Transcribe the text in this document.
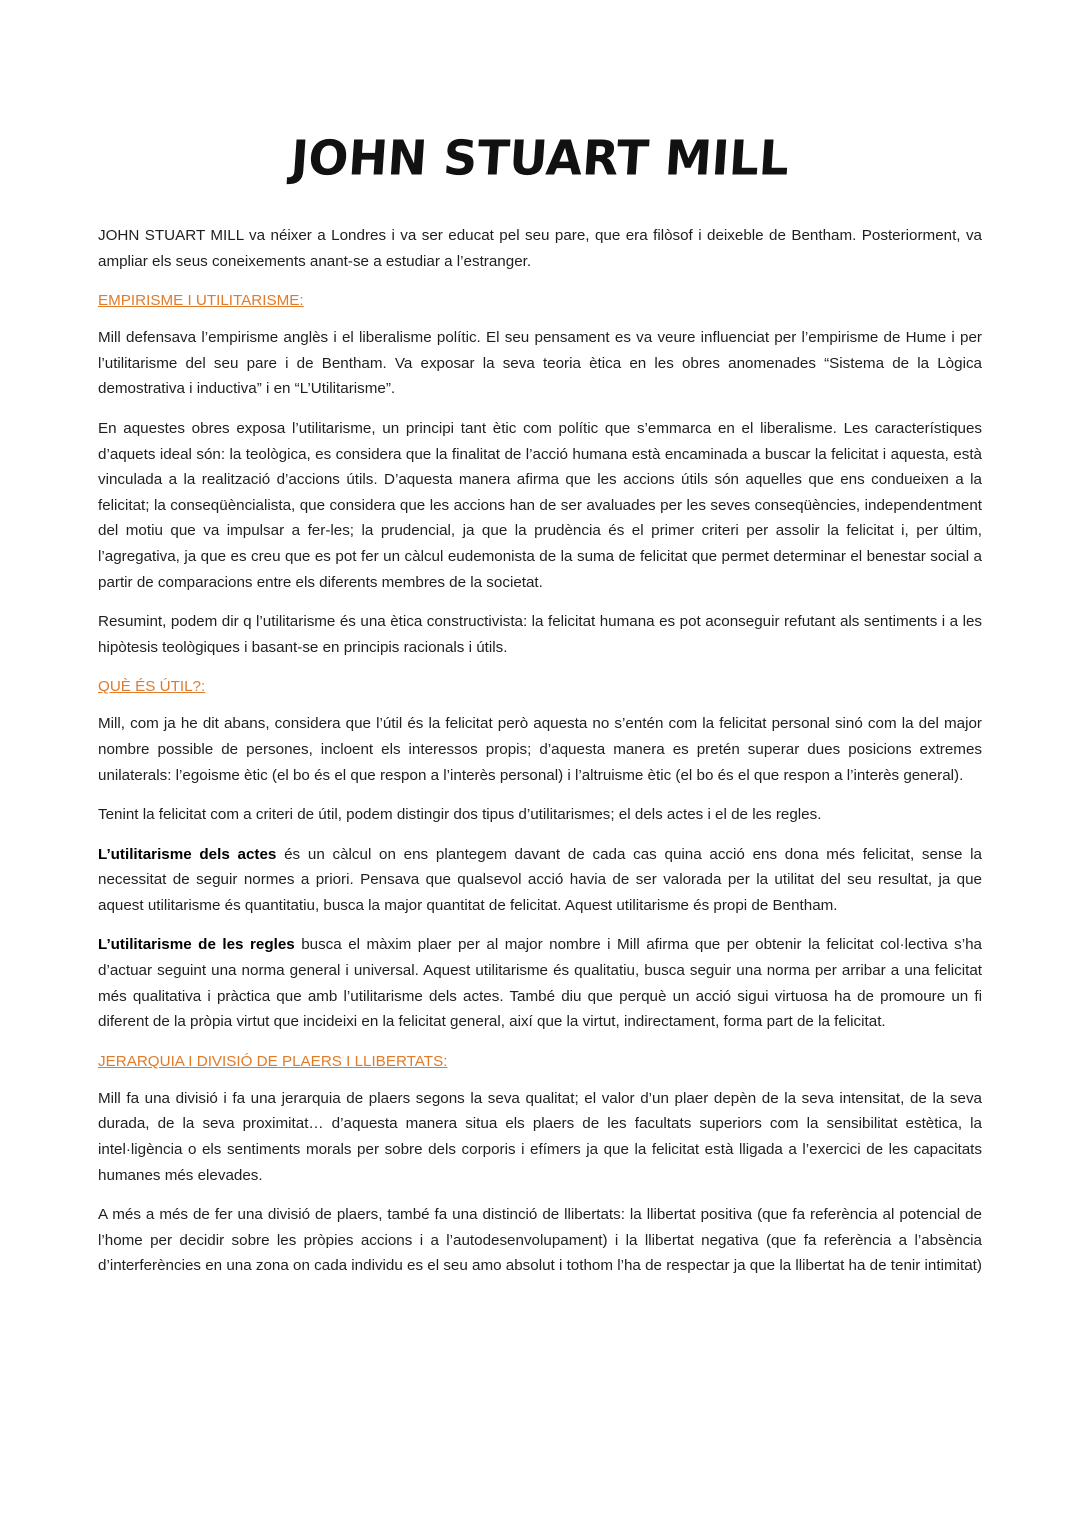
JOHN STUART MILL

JOHN STUART MILL va néixer a Londres i va ser educat pel seu pare, que era filòsof i deixeble de Bentham. Posteriorment, va ampliar els seus coneixements anant-se a estudiar a l’estranger.

EMPIRISME I UTILITARISME:

Mill defensava l’empirisme anglès i el liberalisme polític. El seu pensament es va veure influenciat per l’empirisme de Hume i per l’utilitarisme del seu pare i de Bentham. Va exposar la seva teoria ètica en les obres anomenades “Sistema de la Lògica demostrativa i inductiva” i en “L’Utilitarisme”.

En aquestes obres exposa l’utilitarisme, un principi tant ètic com polític que s’emmarca en el liberalisme. Les característiques d’aquets ideal són: la teològica, es considera que la finalitat de l’acció humana està encaminada a buscar la felicitat i aquesta, està vinculada a la realització d’accions útils. D’aquesta manera afirma que les accions útils són aquelles que ens condueixen a la felicitat; la conseqüèncialista, que considera que les accions han de ser avaluades per les seves conseqüències, independentment del motiu que va impulsar a fer-les; la prudencial, ja que la prudència és el primer criteri per assolir la felicitat i, per últim, l’agregativa, ja que es creu que es pot fer un càlcul eudemonista de la suma de felicitat que permet determinar el benestar social a partir de comparacions entre els diferents membres de la societat.

Resumint, podem dir q l’utilitarisme és una ètica constructivista: la felicitat humana es pot aconseguir refutant als sentiments i a les hipòtesis teològiques i basant-se en principis racionals i útils.

QUÈ ÉS ÚTIL?:

Mill, com ja he dit abans, considera que l’útil és la felicitat però aquesta no s’entén com la felicitat personal sinó com la del major nombre possible de persones, incloent els interessos propis; d’aquesta manera es pretén superar dues posicions extremes unilaterals: l’egoisme ètic (el bo és el que respon a l’interès personal) i l’altruisme ètic (el bo és el que respon a l’interès general).

Tenint la felicitat com a criteri de útil, podem distingir dos tipus d’utilitarismes; el dels actes i el de les regles.

L’utilitarisme dels actes és un càlcul on ens plantegem davant de cada cas quina acció ens dona més felicitat, sense la necessitat de seguir normes a priori. Pensava que qualsevol acció havia de ser valorada per la utilitat del seu resultat, ja que aquest utilitarisme és quantitatiu, busca la major quantitat de felicitat. Aquest utilitarisme és propi de Bentham.

L’utilitarisme de les regles busca el màxim plaer per al major nombre i Mill afirma que per obtenir la felicitat col·lectiva s’ha d’actuar seguint una norma general i universal. Aquest utilitarisme és qualitatiu, busca seguir una norma per arribar a una felicitat més qualitativa i pràctica que amb l’utilitarisme dels actes. També diu que perquè un acció sigui virtuosa ha de promoure un fi diferent de la pròpia virtut que incideixi en la felicitat general, així que la virtut, indirectament, forma part de la felicitat.

JERARQUIA I DIVISIÓ DE PLAERS I LLIBERTATS:

Mill fa una divisió i fa una jerarquia de plaers segons la seva qualitat; el valor d’un plaer depèn de la seva intensitat, de la seva durada, de la seva proximitat… d’aquesta manera situa els plaers de les facultats superiors com la sensibilitat estètica, la intel·ligència o els sentiments morals per sobre dels corporis i efímers ja que la felicitat està lligada a l’exercici de les capacitats humanes més elevades.

A més a més de fer una divisió de plaers, també fa una distinció de llibertats: la llibertat positiva (que fa referència al potencial de l’home per decidir sobre les pròpies accions i a l’autodesenvolupament) i la llibertat negativa (que fa referència a l’absència d’interferències en una zona on cada individu es el seu amo absolut i tothom l’ha de respectar ja que la llibertat ha de tenir intimitat)
